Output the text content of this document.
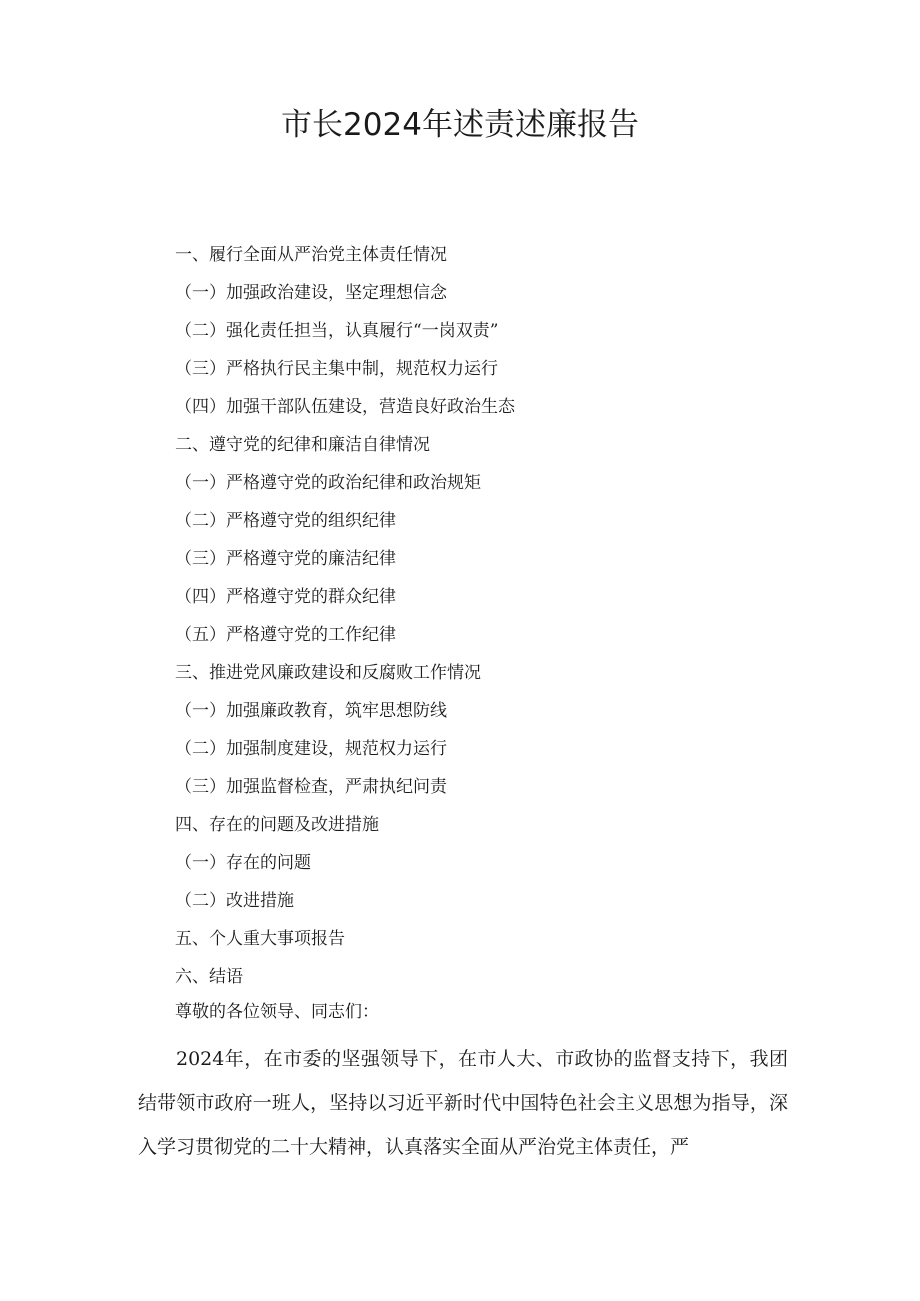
市长2024年述责述廉报告
一、履行全面从严治党主体责任情况
（一）加强政治建设，坚定理想信念
（二）强化责任担当，认真履行“一岗双责”
（三）严格执行民主集中制，规范权力运行
（四）加强干部队伍建设，营造良好政治生态
二、遵守党的纪律和廉洁自律情况
（一）严格遵守党的政治纪律和政治规矩
（二）严格遵守党的组织纪律
（三）严格遵守党的廉洁纪律
（四）严格遵守党的群众纪律
（五）严格遵守党的工作纪律
三、推进党风廉政建设和反腐败工作情况
（一）加强廉政教育，筑牢思想防线
（二）加强制度建设，规范权力运行
（三）加强监督检查，严肃执纪问责
四、存在的问题及改进措施
（一）存在的问题
（二）改进措施
五、个人重大事项报告
六、结语

尊敬的各位领导、同志们：

2024年，在市委的坚强领导下，在市人大、市政协的监督支持下，我团结带领市政府一班人，坚持以习近平新时代中国特色社会主义思想为指导，深入学习贯彻党的二十大精神，认真落实全面从严治党主体责任，严
